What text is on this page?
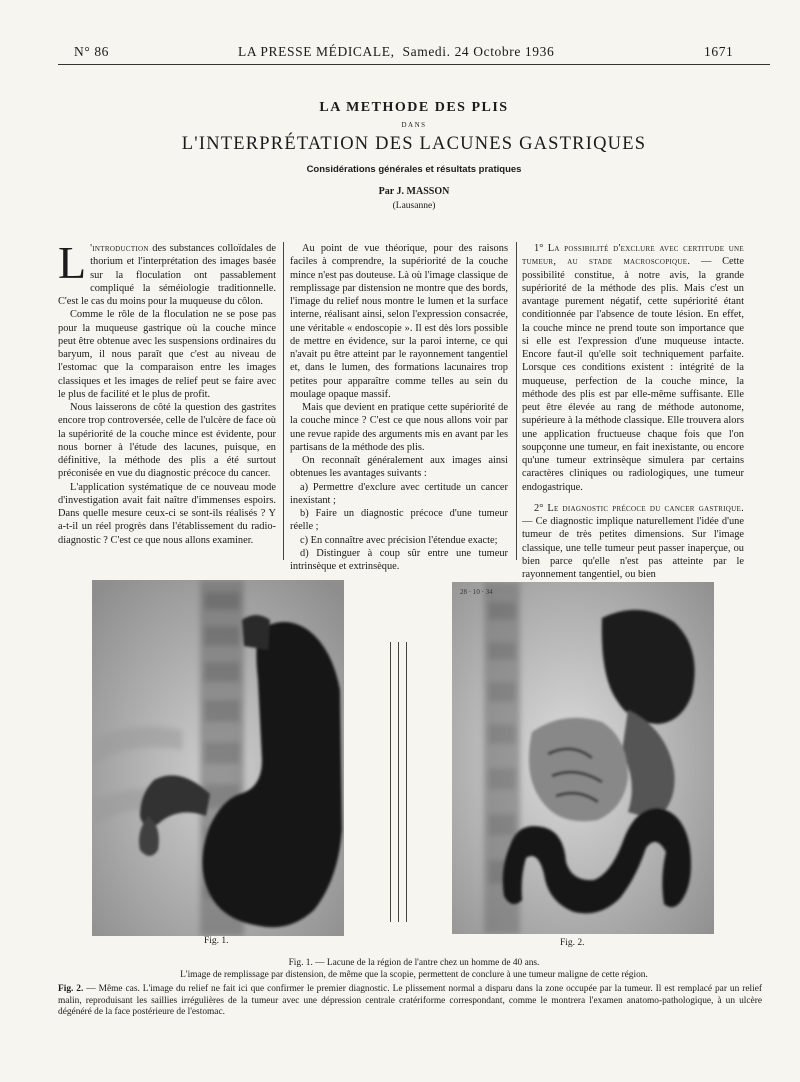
N° 86	LA PRESSE MÉDICALE, Samedi. 24 Octobre 1936	1671
LA METHODE DES PLIS
DANS
L'INTERPRÉTATION DES LACUNES GASTRIQUES
Considérations générales et résultats pratiques
Par J. MASSON
(Lausanne)

L 'introduction des substances colloïdales de thorium et l'interprétation des images basée sur la floculation ont passablement compliqué la séméiologie traditionnelle. C'est le cas du moins pour la muqueuse du côlon.

Comme le rôle de la floculation ne se pose pas pour la muqueuse gastrique où la couche mince peut être obtenue avec les suspensions ordinaires du baryum, il nous paraît que c'est au niveau de l'estomac que la comparaison entre les images classiques et les images de relief peut se faire avec le plus de facilité et le plus de profit.

Nous laisserons de côté la question des gastrites encore trop controversée, celle de l'ulcère de face où la supériorité de la couche mince est évidente, pour nous borner à l'étude des lacunes, puisque, en définitive, la méthode des plis a été surtout préconisée en vue du diagnostic précoce du cancer.

L'application systématique de ce nouveau mode d'investigation avait fait naître d'immenses espoirs. Dans quelle mesure ceux-ci se sont-ils réalisés ? Y a-t-il un réel progrès dans l'établissement du radio-diagnostic ? C'est ce que nous allons examiner.

Au point de vue théorique, pour des raisons faciles à comprendre, la supériorité de la couche mince n'est pas douteuse. Là où l'image classique de remplissage par distension ne montre que des bords, l'image du relief nous montre le lumen et la surface interne, réalisant ainsi, selon l'expression consacrée, une véritable « endoscopie ». Il est dès lors possible de mettre en évidence, sur la paroi interne, ce qui n'avait pu être atteint par le rayonnement tangentiel et, dans le lumen, des formations lacunaires trop petites pour apparaître comme telles au sein du moulage opaque massif.

Mais que devient en pratique cette supériorité de la couche mince ? C'est ce que nous allons voir par une revue rapide des arguments mis en avant par les partisans de la méthode des plis.

On reconnaît généralement aux images ainsi obtenues les avantages suivants :

a) Permettre d'exclure avec certitude un cancer inexistant ;

b) Faire un diagnostic précoce d'une tumeur réelle ;

c) En connaître avec précision l'étendue exacte;

d) Distinguer à coup sûr entre une tumeur intrinsèque et extrinsèque.

1° La possibilité d'exclure avec certitude une tumeur, au stade macroscopique. — Cette possibilité constitue, à notre avis, la grande supériorité de la méthode des plis. Mais c'est un avantage purement négatif, cette supériorité étant conditionnée par l'absence de toute lésion. En effet, la couche mince ne prend toute son importance que si elle est l'expression d'une muqueuse intacte. Encore faut-il qu'elle soit techniquement parfaite. Lorsque ces conditions existent : intégrité de la muqueuse, perfection de la couche mince, la méthode des plis est par elle-même suffisante. Elle peut être élevée au rang de méthode autonome, supérieure à la méthode classique. Elle trouvera alors une application fructueuse chaque fois que l'on soupçonne une tumeur, en fait inexistante, ou encore qu'une tumeur extrinsèque simulera par certains caractères cliniques ou radiologiques, une tumeur endogastrique.

2° Le diagnostic précoce du cancer gastrique. — Ce diagnostic implique naturellement l'idée d'une tumeur de très petites dimensions. Sur l'image classique, une telle tumeur peut passer inaperçue, ou bien parce qu'elle n'est pas atteinte par le rayonnement tangentiel, ou bien

Fig. 1.
28 · 10 · 34
Fig. 2.
Fig. 1. — Lacune de la région de l'antre chez un homme de 40 ans.
L'image de remplissage par distension, de même que la scopie, permettent de conclure à une tumeur maligne de cette région.
Fig. 2. — Même cas. L'image du relief ne fait ici que confirmer le premier diagnostic. Le plissement normal a disparu dans la zone occupée par la tumeur. Il est remplacé par un relief malin, reproduisant les saillies irrégulières de la tumeur avec une dépression centrale cratériforme correspondant, comme le montrera l'examen anatomo-pathologique, à un ulcère dégénéré de la face postérieure de l'estomac.
